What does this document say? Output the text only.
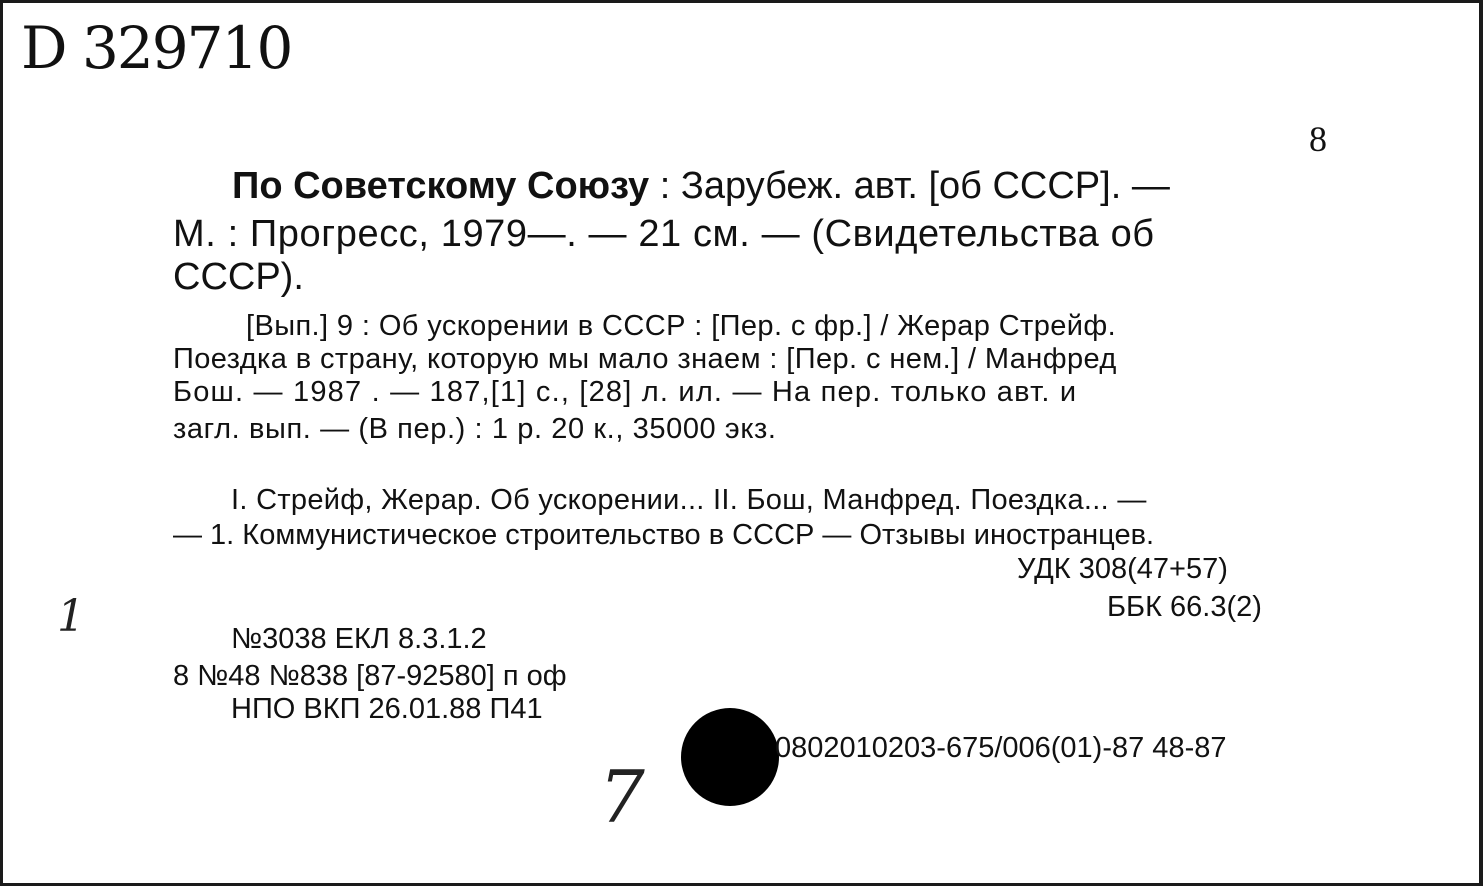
D 329710
8
По Советскому Союзу : Зарубеж. авт. [об СССР]. —
М. : Прогресс, 1979—. — 21 см. — (Свидетельства об
СССР).
[Вып.] 9 : Об ускорении в СССР : [Пер. с фр.] / Жерар Стрейф.
Поездка в страну, которую мы мало знаем : [Пер. с нем.] / Манфред
Бош. — 1987 . — 187,[1] с., [28] л. ил. — На пер. только авт. и
загл. вып. — (В пер.) : 1 р. 20 к., 35000 экз.
I. Стрейф, Жерар. Об ускорении... II. Бош, Манфред. Поездка... —
— 1. Коммунистическое строительство в СССР — Отзывы иностранцев.
УДК 308(47+57)
ББК 66.3(2)
№3038 ЕКЛ 8.3.1.2
8 №48 №838 [87-92580] п оф
НПО ВКП 26.01.88 П41
0802010203-675/006(01)-87 48-87
1
7
